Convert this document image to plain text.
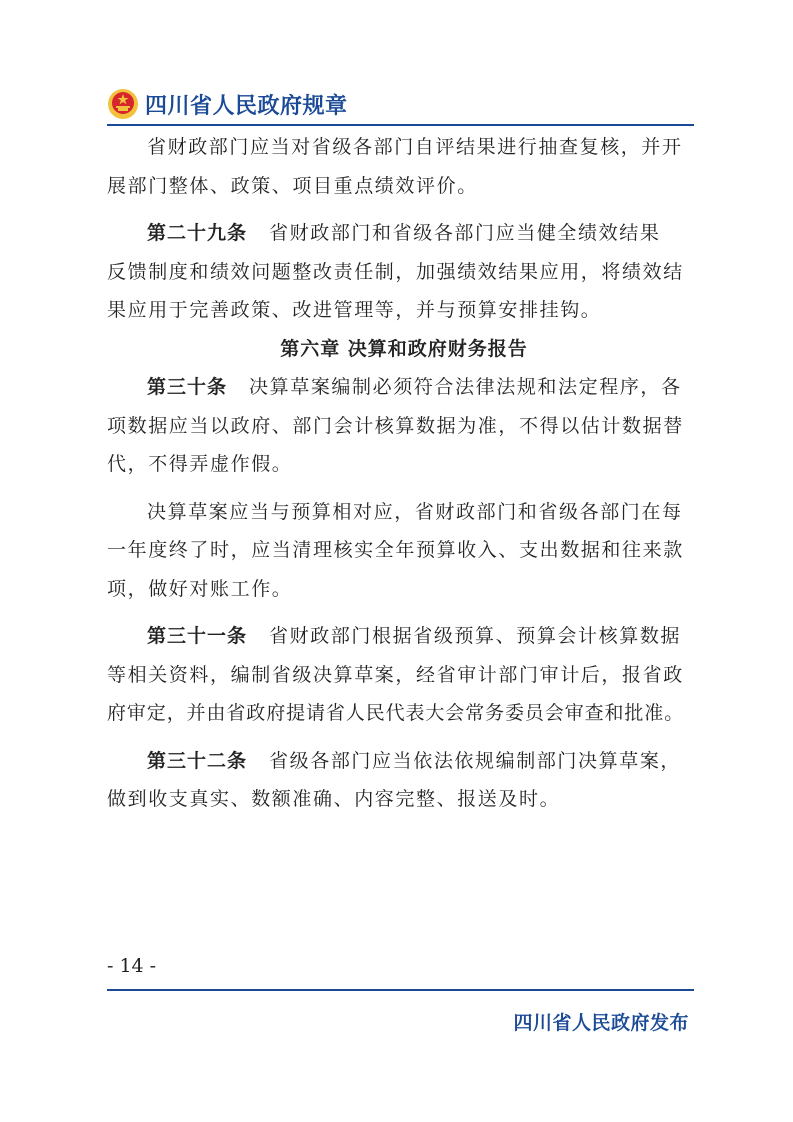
四川省人民政府规章
省财政部门应当对省级各部门自评结果进行抽查复核，并开
展部门整体、政策、项目重点绩效评价。
第二十九条 省财政部门和省级各部门应当健全绩效结果
反馈制度和绩效问题整改责任制，加强绩效结果应用，将绩效结
果应用于完善政策、改进管理等，并与预算安排挂钩。
第六章 决算和政府财务报告
第三十条 决算草案编制必须符合法律法规和法定程序，各
项数据应当以政府、部门会计核算数据为准，不得以估计数据替
代，不得弄虚作假。
决算草案应当与预算相对应，省财政部门和省级各部门在每
一年度终了时，应当清理核实全年预算收入、支出数据和往来款
项，做好对账工作。
第三十一条 省财政部门根据省级预算、预算会计核算数据
等相关资料，编制省级决算草案，经省审计部门审计后，报省政
府审定，并由省政府提请省人民代表大会常务委员会审查和批准。
第三十二条 省级各部门应当依法依规编制部门决算草案，
做到收支真实、数额准确、内容完整、报送及时。
- 14 -
四川省人民政府发布
